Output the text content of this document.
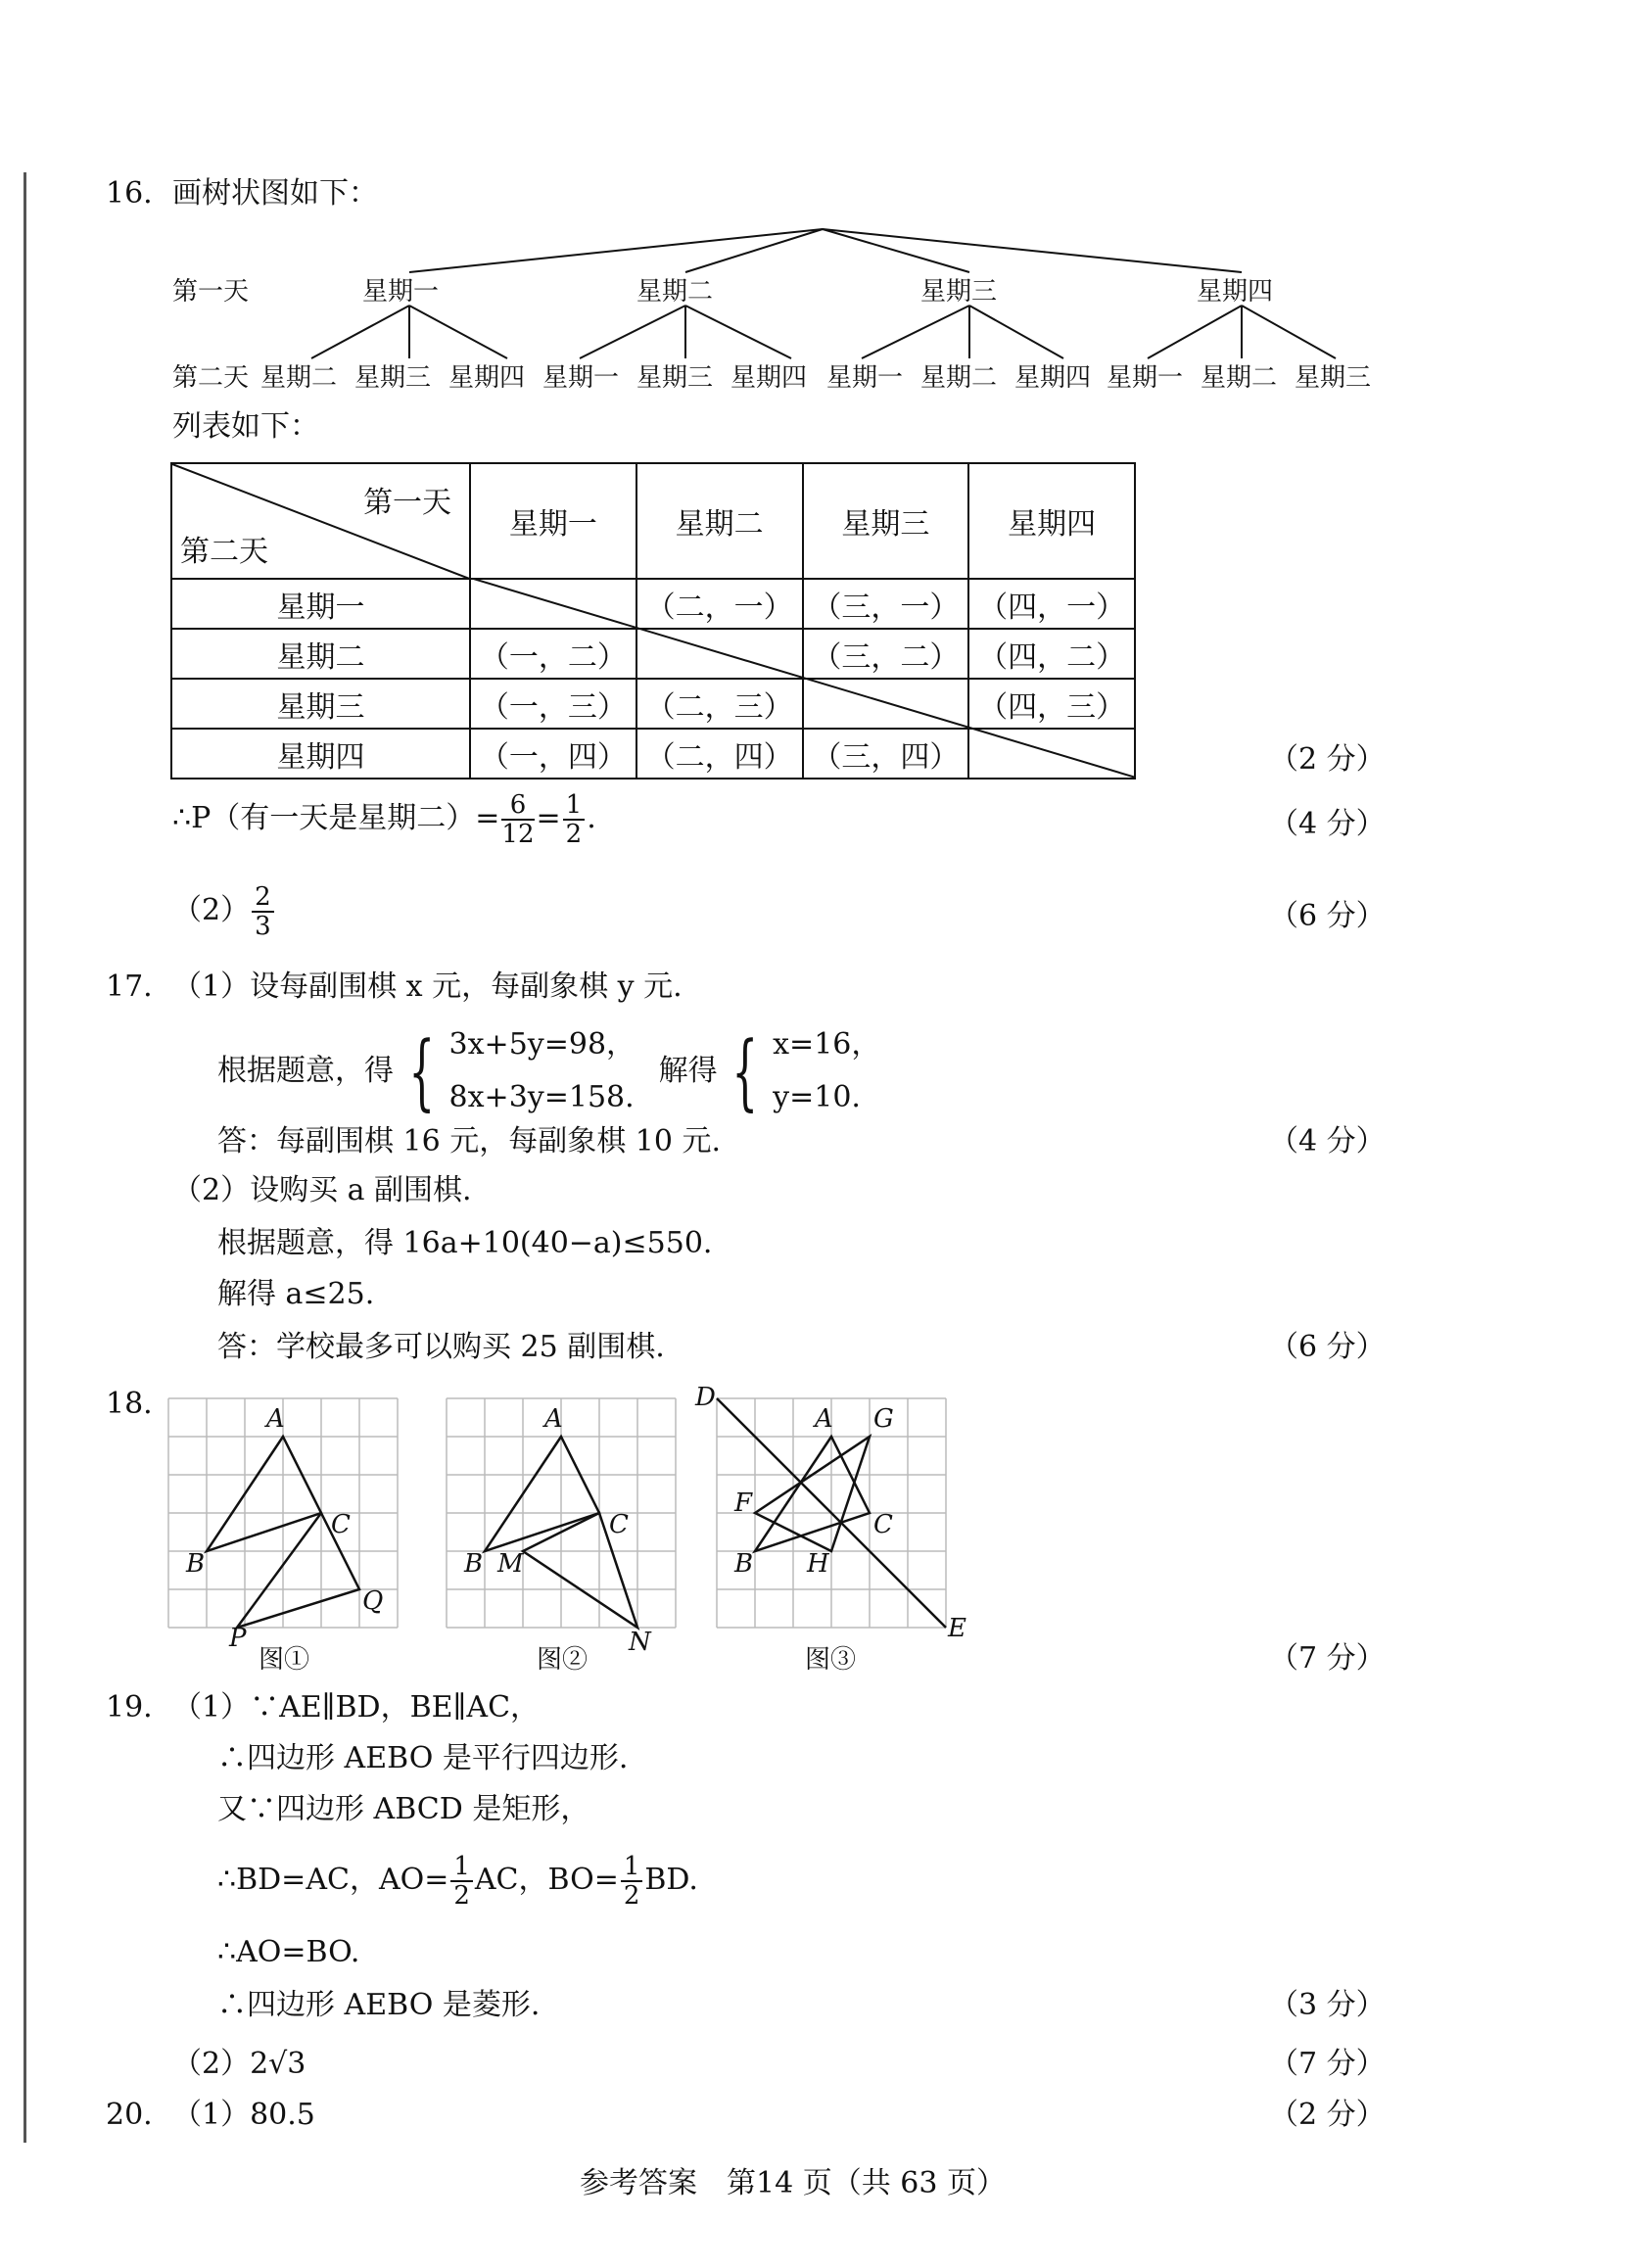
16. 画树状图如下：
第一天	星期一	星期二	星期三	星期四
第二天 星期二 星期三 星期四 星期一 星期三 星期四 星期一 星期二 星期四 星期一 星期二 星期三
列表如下：
第一天
第二天	星期一	星期二	星期三	星期四
星期一		（二，一）	（三，一）	（四，一）
星期二	（一，二）		（三，二）	（四，二）
星期三	（一，三）	（二，三）		（四，三）
星期四	（一，四）	（二，四）	（三，四）		（2 分）
∴P（有一天是星期二）= $\frac{6}{12} = \frac{1}{2}$ .	（4 分）
$(2) \frac{2}{3}$	（6 分）
17. （1）设每副围棋 x 元，每副象棋 y 元.
根据题意，得 { 3x+5y=98，
8x+3y=158.
解得 { x=16，
y=10.
答：每副围棋 16 元，每副象棋 10 元.	（4 分）
（2）设购买 a 副围棋.
根据题意，得 16a+10(40−a)≤550.
解得 a≤25.
答：学校最多可以购买 25 副围棋.	（6 分）
18.	A
B
C
P
Q
图①
A
B M
C
N
图②
D
A G
F
C
B H
E
图③	（7 分）
19. （1）∵AE∥BD，BE∥AC，
∴四边形 AEBO 是平行四边形.
又∵四边形 ABCD 是矩形，
∴BD=AC，$AO= \frac{1}{2}$ AC，$BO= \frac{1}{2}$ BD.
∴AO=BO.
∴四边形 AEBO 是菱形.	（3 分）
（2）2√3	（7 分）
20. （1）80.5	（2 分）
参考答案　第14 页（共 63 页）
